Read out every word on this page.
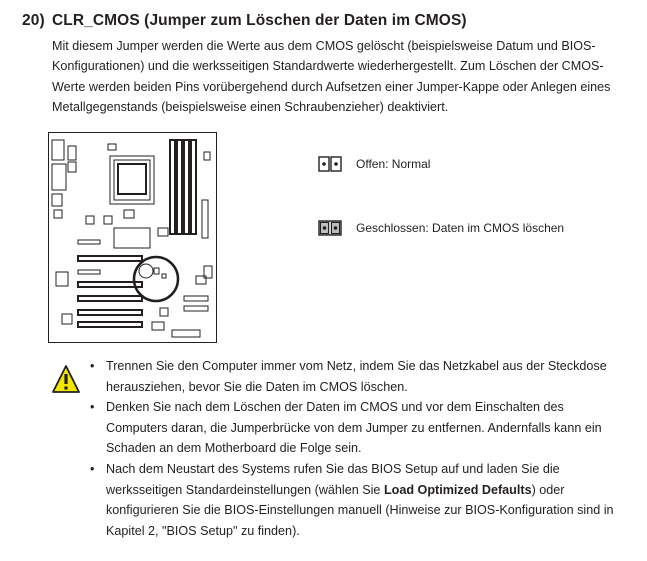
20) CLR_CMOS (Jumper zum Löschen der Daten im CMOS)
Mit diesem Jumper werden die Werte aus dem CMOS gelöscht (beispielsweise Datum und BIOS-
Konfigurationen) und die werksseitigen Standardwerte wiederhergestellt. Zum Löschen der CMOS-
Werte werden beiden Pins vorübergehend durch Aufsetzen einer Jumper-Kappe oder Anlegen eines
Metallgegenstands (beispielsweise einen Schraubenzieher) deaktiviert.
Offen: Normal
Geschlossen: Daten im CMOS löschen
• Trennen Sie den Computer immer vom Netz, indem Sie das Netzkabel aus der Steckdose herausziehen, bevor Sie die Daten im CMOS löschen.
• Denken Sie nach dem Löschen der Daten im CMOS und vor dem Einschalten des Computers daran, die Jumperbrücke von dem Jumper zu entfernen. Andernfalls kann ein Schaden an dem Motherboard die Folge sein.
• Nach dem Neustart des Systems rufen Sie das BIOS Setup auf und laden Sie die werksseitigen Standardeinstellungen (wählen Sie Load Optimized Defaults) oder konfigurieren Sie die BIOS-Einstellungen manuell (Hinweise zur BIOS-Konfiguration sind in Kapitel 2, "BIOS Setup" zu finden).
